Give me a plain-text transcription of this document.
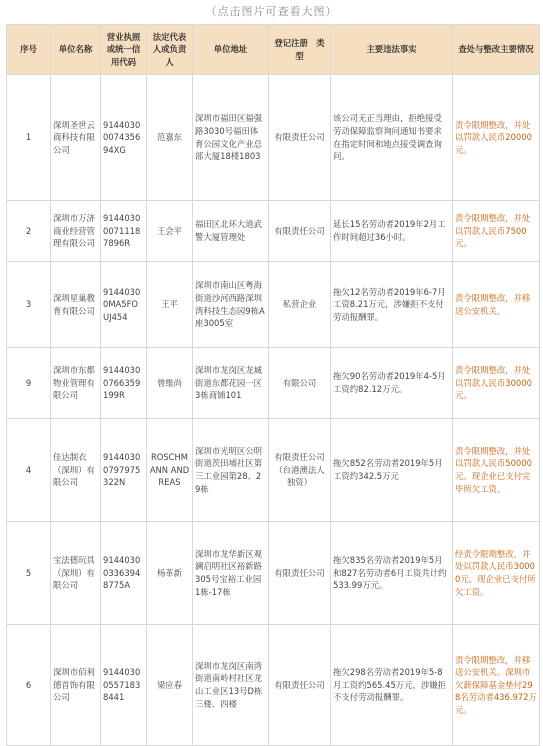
（点击图片可查看大图）
序号	单位名称	营业执照或统一信用代码	法定代表人或负责人	单位地址	登记注册　类型	主要违法事实	查处与整改主要情况
1	深圳圣世云商科技有限公司	9144030007435694XG	范嘉东	深圳市福田区福强路3030号福田体育公园文化产业总部大厦18楼1803	有限责任公司	该公司无正当理由，拒绝接受劳动保障监察询问通知书要求在指定时间和地点接受调查询问。	责令限期整改，并处以罚款人民币20000元。
2	深圳市万济商业经营管理有限公司	914403000711187896R	王会平	福田区北环大道武警大厦管理处	有限责任公司	延长15名劳动者2019年2月工作时间超过36小时。	责令限期整改，并处以罚款人民币7500元。
3	深圳星巢教育有限公司	91440300MA5FOUJ454	王平	深圳市南山区粤海街道沙河西路深圳湾科技生态园9栋A座3005室	私营企业	拖欠12名劳动者2019年6-7月工资8.21万元，涉嫌拒不支付劳动报酬罪。	责令限期整改，并移送公安机关。
9	深圳市东都物业管理有限公司	91440300766359199R	曾维尚	深圳市龙岗区龙城街道东都花园一区3栋商铺101	有限公司	拖欠90名劳动者2019年4-5月工资约82.12万元。	责令限期整改，并处以罚款人民币30000元。
4	佳达制衣（深圳）有限公司	91440300797975322N	ROSCHMANN ANDREAS	深圳市光明区公明街道茨田埔社区第三工业园第28、29栋	有限责任公司（台港澳法人独资）	拖欠852名劳动者2019年5月工资约342.5万元	责令限期整改，并处以罚款人民币50000元。现企业已支付完毕所欠工资。
5	宝法德玩具（深圳）有限公司	914403003363948775A	杨革新	深圳市龙华新区观澜启明社区裕新路305号宝裕工业园1栋-17栋	有限责任公司	拖欠835名劳动者2019年5月和827名劳动者6月工资共计约533.99万元。	经责令限期整改，并处以罚款人民币30000元。现企业已支付所欠工资。
6	深圳市佰利德首饰有限公司	914403005571838441	梁应春	深圳市龙岗区南湾街道南岭村社区龙山工业区13号D栋三楼、四楼	有限责任公司	拖欠298名劳动者2019年5-8月工资约565.45万元，涉嫌拒不支付劳动报酬罪。	责令限期整改，并移送公安机关。深圳市欠薪保障基金垫付298名劳动者436.972万元。
